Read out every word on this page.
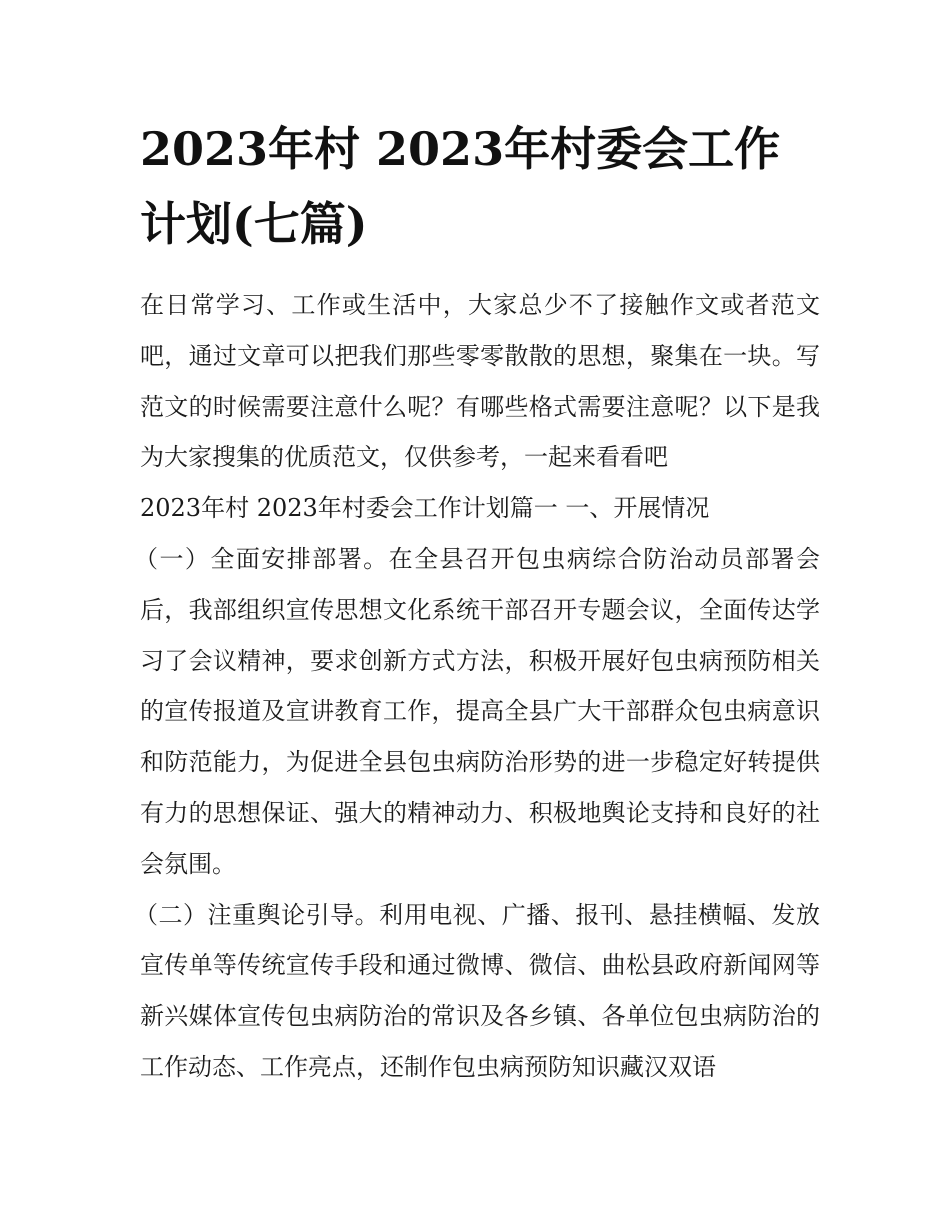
2023年村 2023年村委会工作计划(七篇)

在日常学习、工作或生活中，大家总少不了接触作文或者范文吧，通过文章可以把我们那些零零散散的思想，聚集在一块。写范文的时候需要注意什么呢？有哪些格式需要注意呢？以下是我为大家搜集的优质范文，仅供参考，一起来看看吧

2023年村 2023年村委会工作计划篇一 一、开展情况

（一）全面安排部署。在全县召开包虫病综合防治动员部署会后，我部组织宣传思想文化系统干部召开专题会议，全面传达学习了会议精神，要求创新方式方法，积极开展好包虫病预防相关的宣传报道及宣讲教育工作，提高全县广大干部群众包虫病意识和防范能力，为促进全县包虫病防治形势的进一步稳定好转提供有力的思想保证、强大的精神动力、积极地舆论支持和良好的社会氛围。

（二）注重舆论引导。利用电视、广播、报刊、悬挂横幅、发放宣传单等传统宣传手段和通过微博、微信、曲松县政府新闻网等新兴媒体宣传包虫病防治的常识及各乡镇、各单位包虫病防治的工作动态、工作亮点，还制作包虫病预防知识藏汉双语
